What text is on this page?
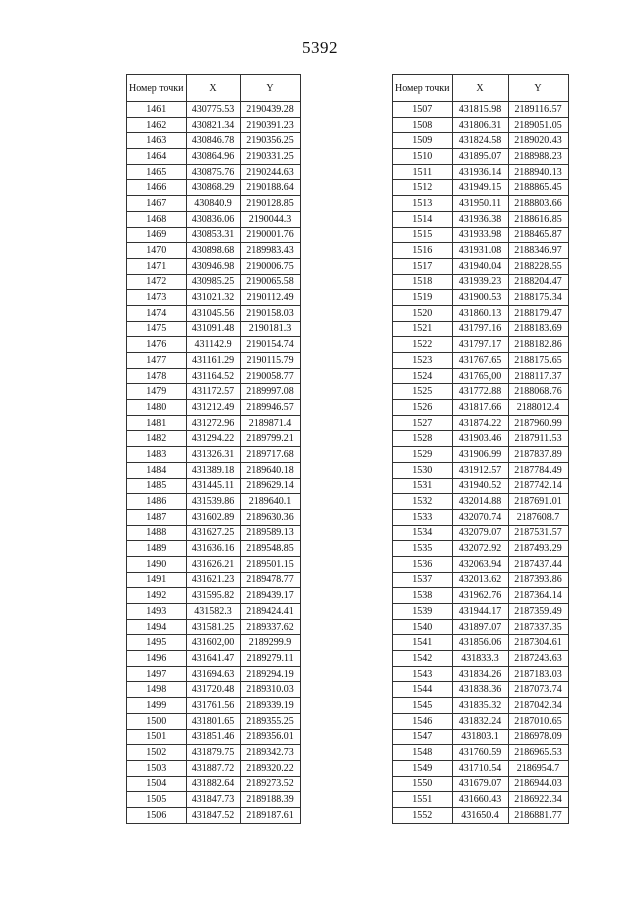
5392
Номер точки	X	Y
1461	430775.53	2190439.28
1462	430821.34	2190391.23
1463	430846.78	2190356.25
1464	430864.96	2190331.25
1465	430875.76	2190244.63
1466	430868.29	2190188.64
1467	430840.9	2190128.85
1468	430836.06	2190044.3
1469	430853.31	2190001.76
1470	430898.68	2189983.43
1471	430946.98	2190006.75
1472	430985.25	2190065.58
1473	431021.32	2190112.49
1474	431045.56	2190158.03
1475	431091.48	2190181.3
1476	431142.9	2190154.74
1477	431161.29	2190115.79
1478	431164.52	2190058.77
1479	431172.57	2189997.08
1480	431212.49	2189946.57
1481	431272.96	2189871.4
1482	431294.22	2189799.21
1483	431326.31	2189717.68
1484	431389.18	2189640.18
1485	431445.11	2189629.14
1486	431539.86	2189640.1
1487	431602.89	2189630.36
1488	431627.25	2189589.13
1489	431636.16	2189548.85
1490	431626.21	2189501.15
1491	431621.23	2189478.77
1492	431595.82	2189439.17
1493	431582.3	2189424.41
1494	431581.25	2189337.62
1495	431602,00	2189299.9
1496	431641.47	2189279.11
1497	431694.63	2189294.19
1498	431720.48	2189310.03
1499	431761.56	2189339.19
1500	431801.65	2189355.25
1501	431851.46	2189356.01
1502	431879.75	2189342.73
1503	431887.72	2189320.22
1504	431882.64	2189273.52
1505	431847.73	2189188.39
1506	431847.52	2189187.61
Номер точки	X	Y
1507	431815.98	2189116.57
1508	431806.31	2189051.05
1509	431824.58	2189020.43
1510	431895.07	2188988.23
1511	431936.14	2188940.13
1512	431949.15	2188865.45
1513	431950.11	2188803.66
1514	431936.38	2188616.85
1515	431933.98	2188465.87
1516	431931.08	2188346.97
1517	431940.04	2188228.55
1518	431939.23	2188204.47
1519	431900.53	2188175.34
1520	431860.13	2188179.47
1521	431797.16	2188183.69
1522	431797.17	2188182.86
1523	431767.65	2188175.65
1524	431765,00	2188117.37
1525	431772.88	2188068.76
1526	431817.66	2188012.4
1527	431874.22	2187960.99
1528	431903.46	2187911.53
1529	431906.99	2187837.89
1530	431912.57	2187784.49
1531	431940.52	2187742.14
1532	432014.88	2187691.01
1533	432070.74	2187608.7
1534	432079.07	2187531.57
1535	432072.92	2187493.29
1536	432063.94	2187437.44
1537	432013.62	2187393.86
1538	431962.76	2187364.14
1539	431944.17	2187359.49
1540	431897.07	2187337.35
1541	431856.06	2187304.61
1542	431833.3	2187243.63
1543	431834.26	2187183.03
1544	431838.36	2187073.74
1545	431835.32	2187042.34
1546	431832.24	2187010.65
1547	431803.1	2186978.09
1548	431760.59	2186965.53
1549	431710.54	2186954.7
1550	431679.07	2186944.03
1551	431660.43	2186922.34
1552	431650.4	2186881.77
